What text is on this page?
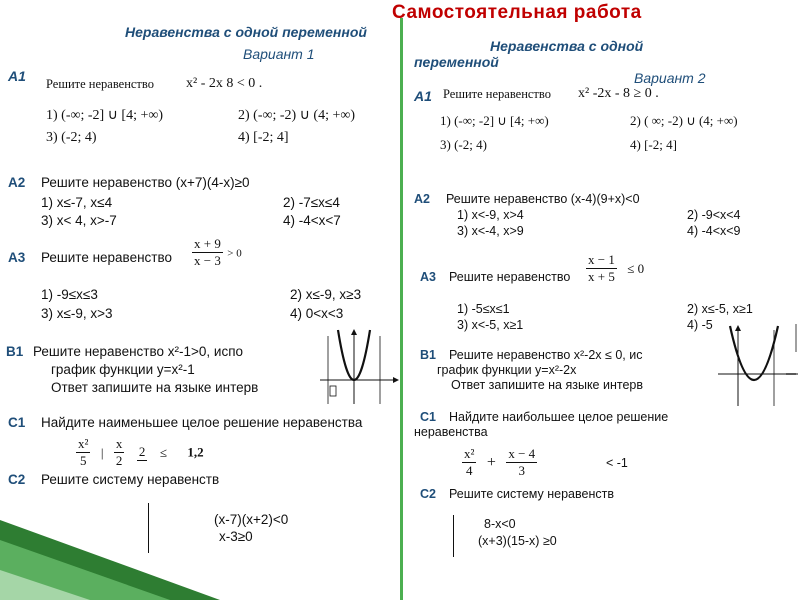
Самостоятельная работа
Неравенства с одной переменной
Вариант 1
А1 Решите неравенство x² - 2x 8 < 0 .
1) (-∞; -2] ∪ [4; +∞)	2) (-∞; -2) ∪ (4; +∞)
3) (-2; 4)	4) [-2; 4]
А2 Решите неравенство (x+7)(4-x)≥0
1) x≤-7, x≤4	2) -7≤x≤4
3) x< 4, x>-7	4) -4<x<7
А3 Решите неравенство $\frac{x + 9}{x - 3} > 0$
1) -9≤x≤3	2) x≤-9, x≥3
3) x≤-9, x>3	4) 0<x<3
В1 Решите неравенство x²-1>0, испо
график функции y=x²-1
Ответ запишите на языке интерв
С1 Найдите наименьшее целое решение неравенства
$\frac{\text{x²}}{5}$ | $\frac{x}{2}$
2 ≤ 1,2
С2 Решите систему неравенств
(x-7)(x+2)<0
x-3≥0
Неравенства с одной
переменной
Вариант 2
А1 Решите неравенство x² -2x - 8 ≥ 0 .
1) (-∞; -2] ∪ [4; +∞)	2) ( ∞; -2) ∪ (4; +∞)
3) (-2; 4)	4) [-2; 4]
А2 Решите неравенство (x-4)(9+x)<0
1) x<-9, x>4	2) -9<x<4
3) x<-4, x>9	4) -4<x<9
А3 Решите неравенство $\frac{x - 1}{x + 5} \le 0$
1) -5≤x≤1	2) x≤-5, x≥1
3) x<-5, x≥1	4) -5
В1 Решите неравенство x²-2x ≤ 0, ис
график функции y=x²-2x
Ответ запишите на языке интерв
С1 Найдите наибольшее целое решение
неравенства
$\frac{\text{x²}}{4} + \frac{x - 4}{3}$	< -1
С2 Решите систему неравенств
8-x<0
(x+3)(15-x) ≥0
